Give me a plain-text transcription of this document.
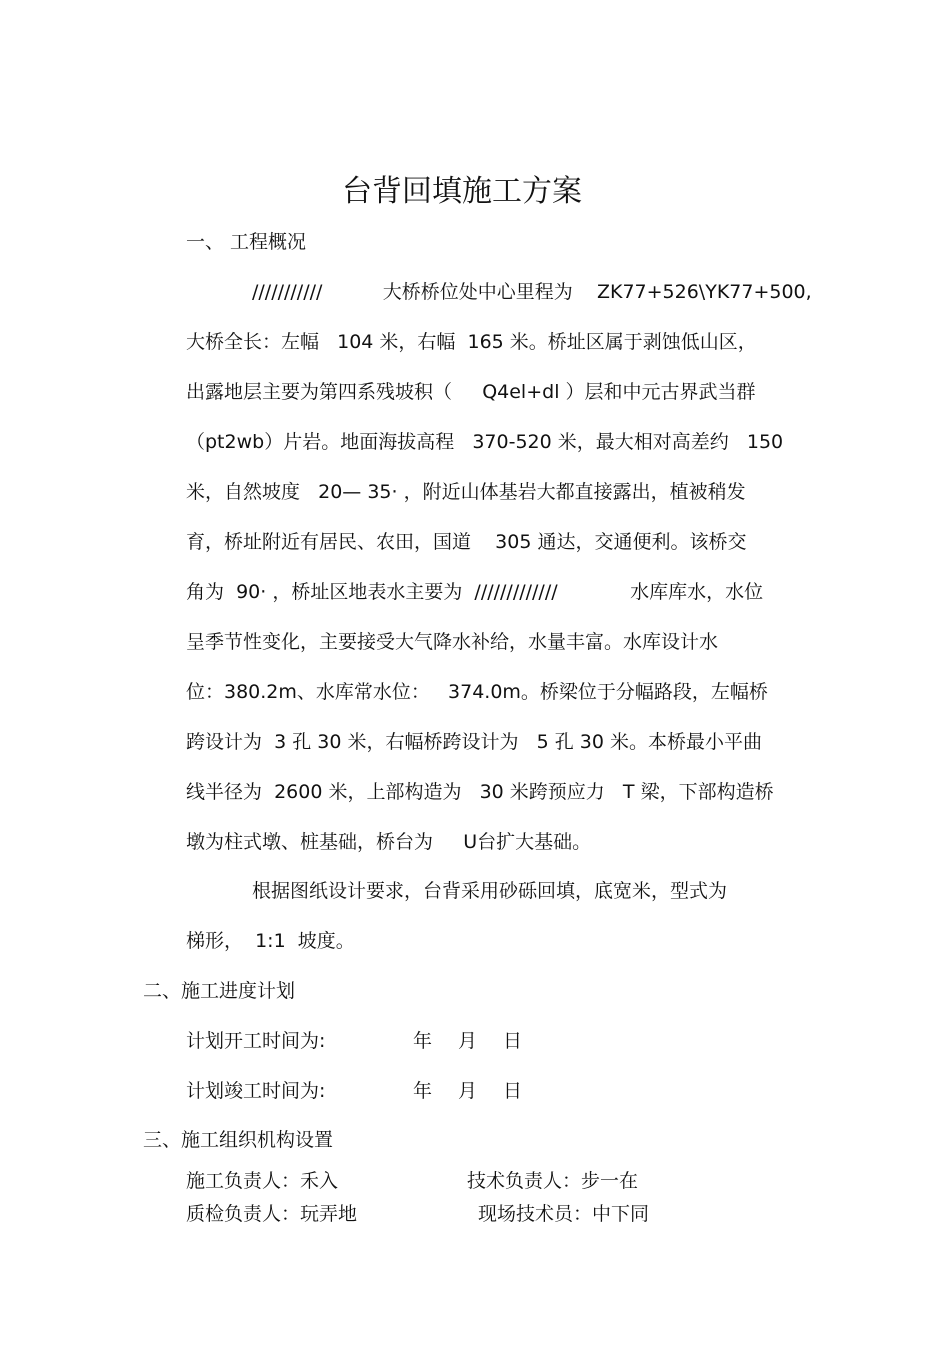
台背回填施工方案
一、 工程概况
///////////          大桥桥位处中心里程为    ZK77+526\YK77+500,
大桥全长：左幅   104 米，右幅  165 米。桥址区属于剥蚀低山区，
出露地层主要为第四系残坡积（     Q4el+dl ）层和中元古界武当群
（pt2wb）片岩。地面海拔高程   370-520 米，最大相对高差约   150
米，自然坡度   20— 35· ，附近山体基岩大都直接露出，植被稍发
育，桥址附近有居民、农田，国道    305 通达，交通便利。该桥交
角为  90· ，桥址区地表水主要为  /////////////            水库库水，水位
呈季节性变化，主要接受大气降水补给，水量丰富。水库设计水
位：380.2m、水库常水位：   374.0m。桥梁位于分幅路段，左幅桥
跨设计为  3 孔 30 米，右幅桥跨设计为   5 孔 30 米。本桥最小平曲
线半径为  2600 米，上部构造为   30 米跨预应力   T 梁，下部构造桥
墩为柱式墩、桩基础，桥台为     U台扩大基础。
根据图纸设计要求，台背采用砂砾回填，底宽米，型式为
梯形，  1:1  坡度。
二、施工进度计划
计划开工时间为:	年 月 日
计划竣工时间为:	年 月 日
三、施工组织机构设置
施工负责人：禾入	技术负责人：步一在
质检负责人：玩弄地	现场技术员：中下同
